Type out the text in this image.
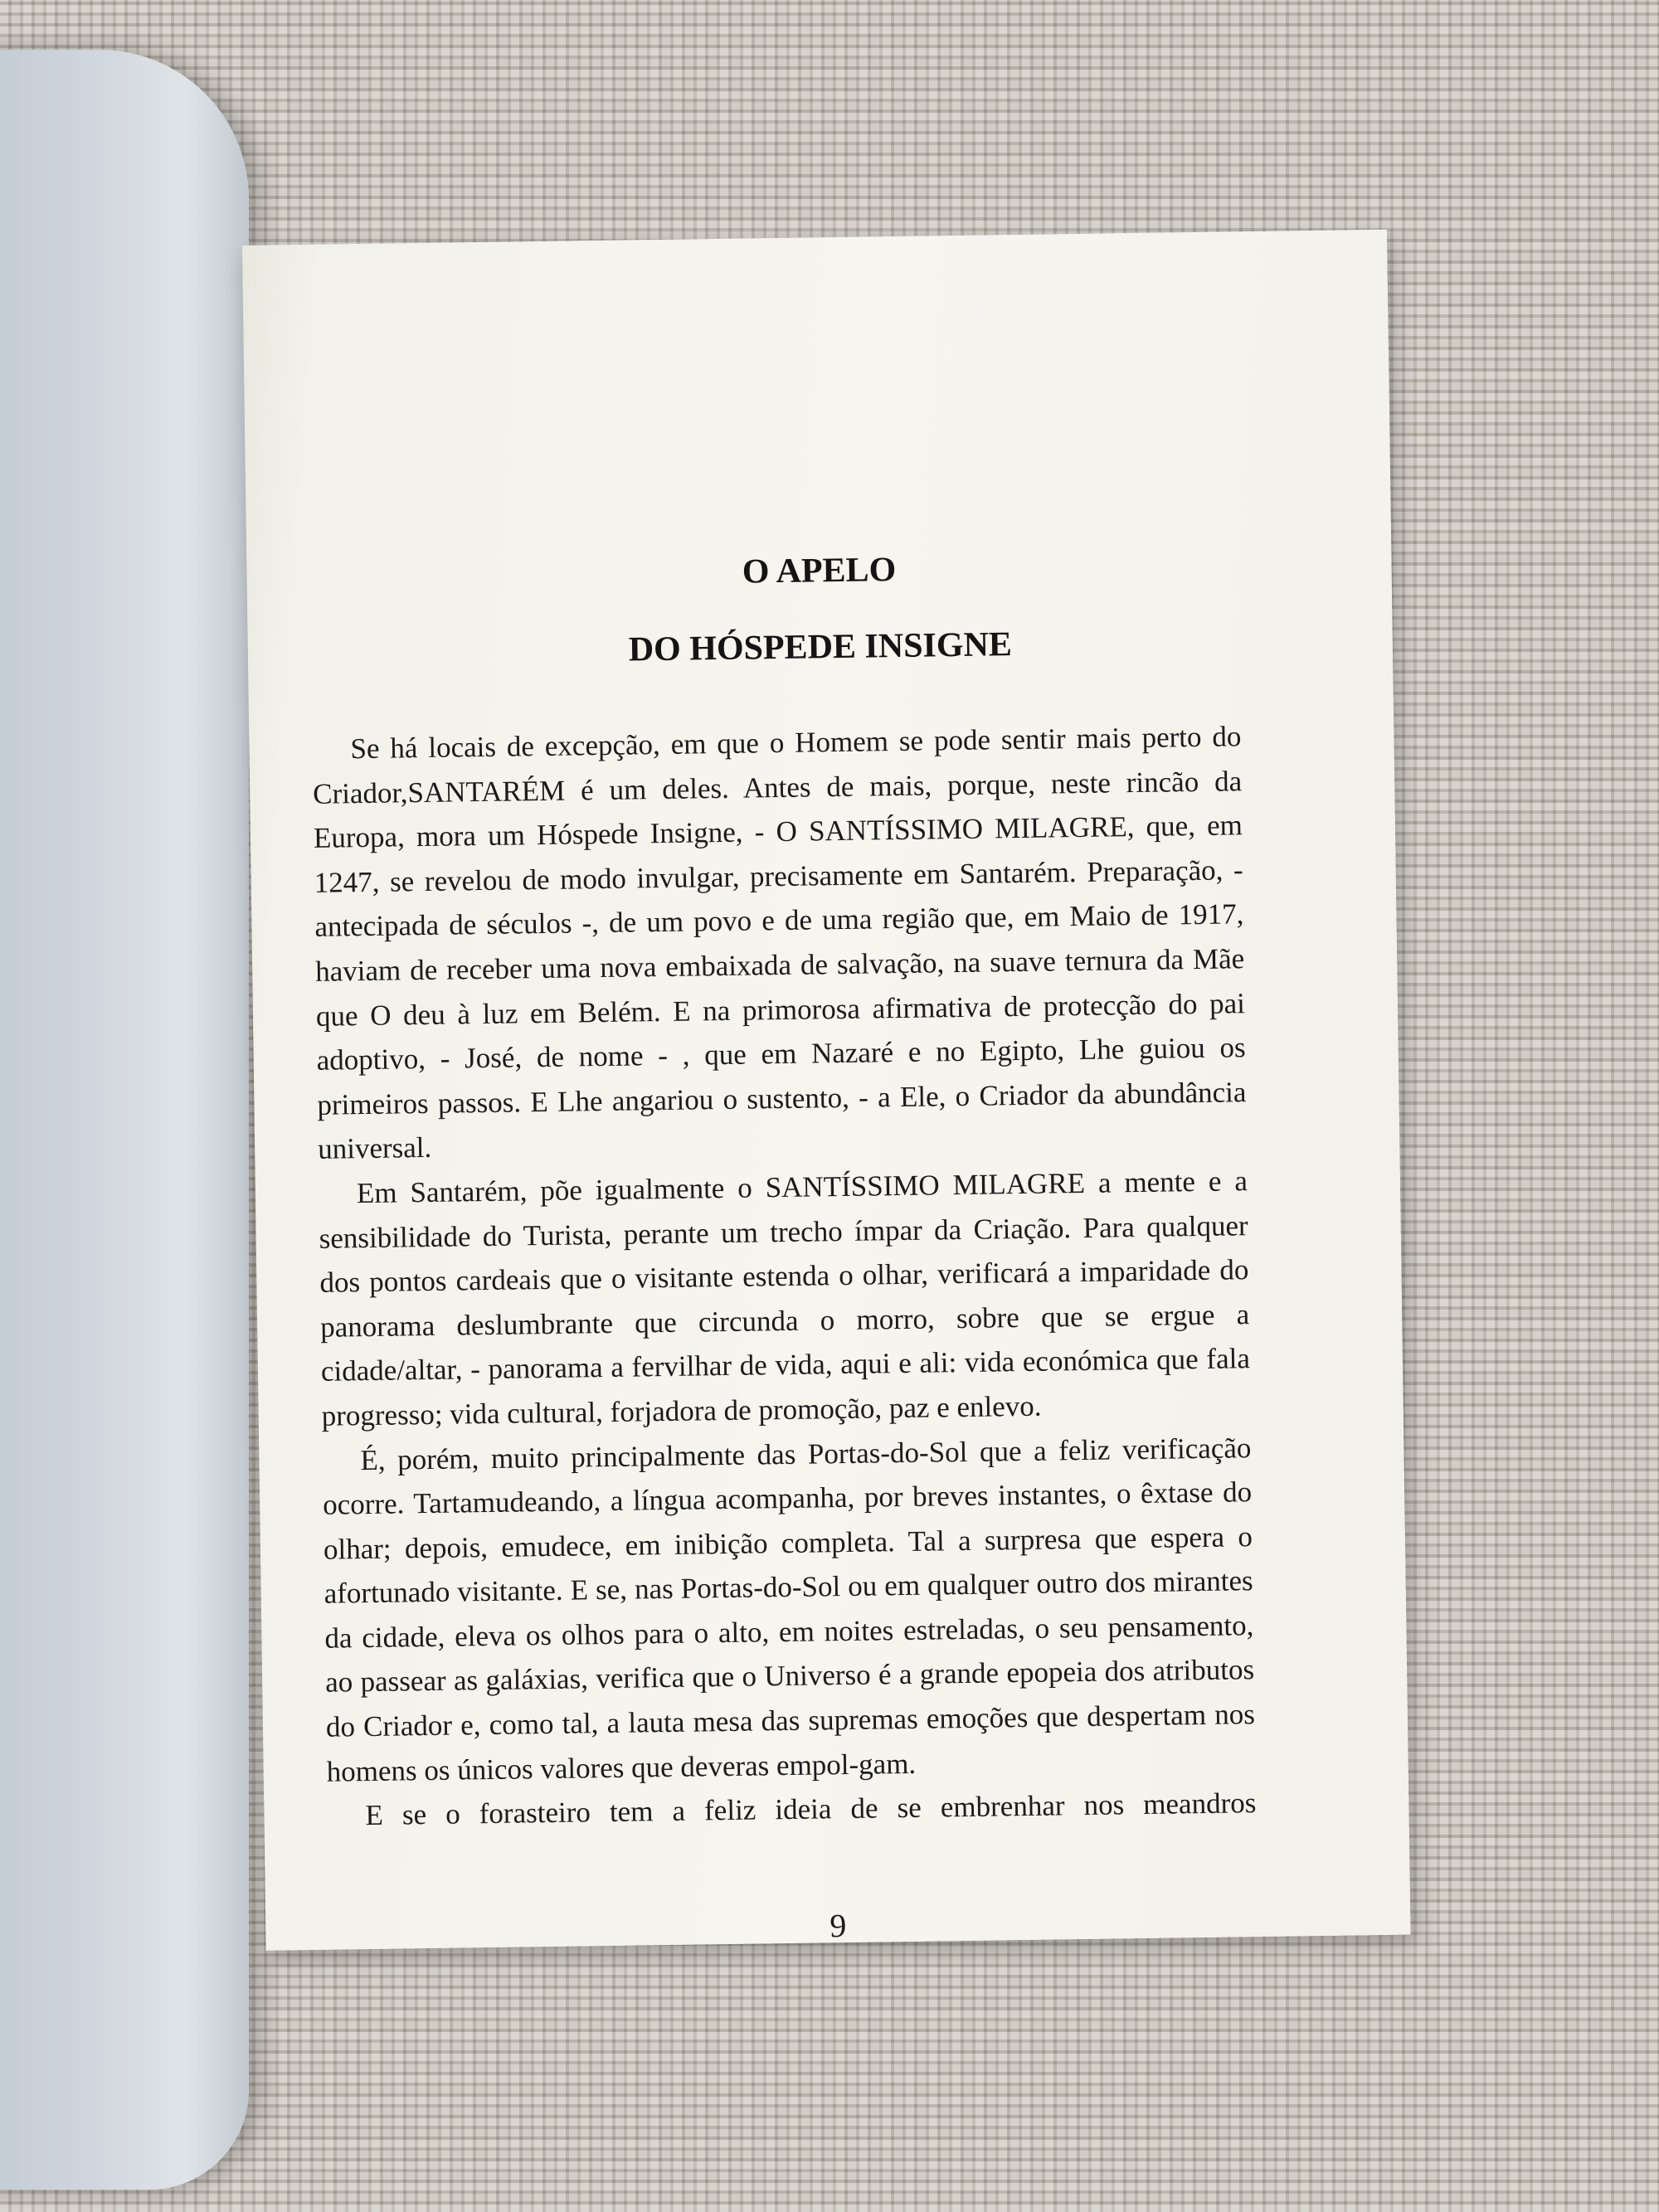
O APELO
DO HÓSPEDE INSIGNE

Se há locais de excepção, em que o Homem se pode sentir mais perto do Criador,SANTARÉM é um deles. Antes de mais, porque, neste rincão da Europa, mora um Hóspede Insigne, - O SANTÍSSIMO MILAGRE, que, em 1247, se revelou de modo invulgar, precisamente em Santarém. Preparação, - antecipada de séculos -, de um povo e de uma região que, em Maio de 1917, haviam de receber uma nova embaixada de salvação, na suave ternura da Mãe que O deu à luz em Belém. E na primorosa afirmativa de protecção do pai adoptivo, - José, de nome - , que em Nazaré e no Egipto, Lhe guiou os primeiros passos. E Lhe angariou o sustento, - a Ele, o Criador da abundância universal.

Em Santarém, põe igualmente o SANTÍSSIMO MILAGRE a mente e a sensibilidade do Turista, perante um trecho ímpar da Criação. Para qualquer dos pontos cardeais que o visitante estenda o olhar, verificará a imparidade do panorama deslumbrante que circunda o morro, sobre que se ergue a cidade/altar, - panorama a fervilhar de vida, aqui e ali: vida económica que fala progresso; vida cultural, forjadora de promoção, paz e enlevo.

É, porém, muito principalmente das Portas-do-Sol que a feliz verificação ocorre. Tartamudeando, a língua acompanha, por breves instantes, o êxtase do olhar; depois, emudece, em inibição completa. Tal a surpresa que espera o afortunado visitante. E se, nas Portas-do-Sol ou em qualquer outro dos mirantes da cidade, eleva os olhos para o alto, em noites estreladas, o seu pensamento, ao passear as galáxias, verifica que o Universo é a grande epopeia dos atributos do Criador e, como tal, a lauta mesa das supremas emoções que despertam nos homens os únicos valores que deveras empol-gam.

E se o forasteiro tem a feliz ideia de se embrenhar nos meandros

9
